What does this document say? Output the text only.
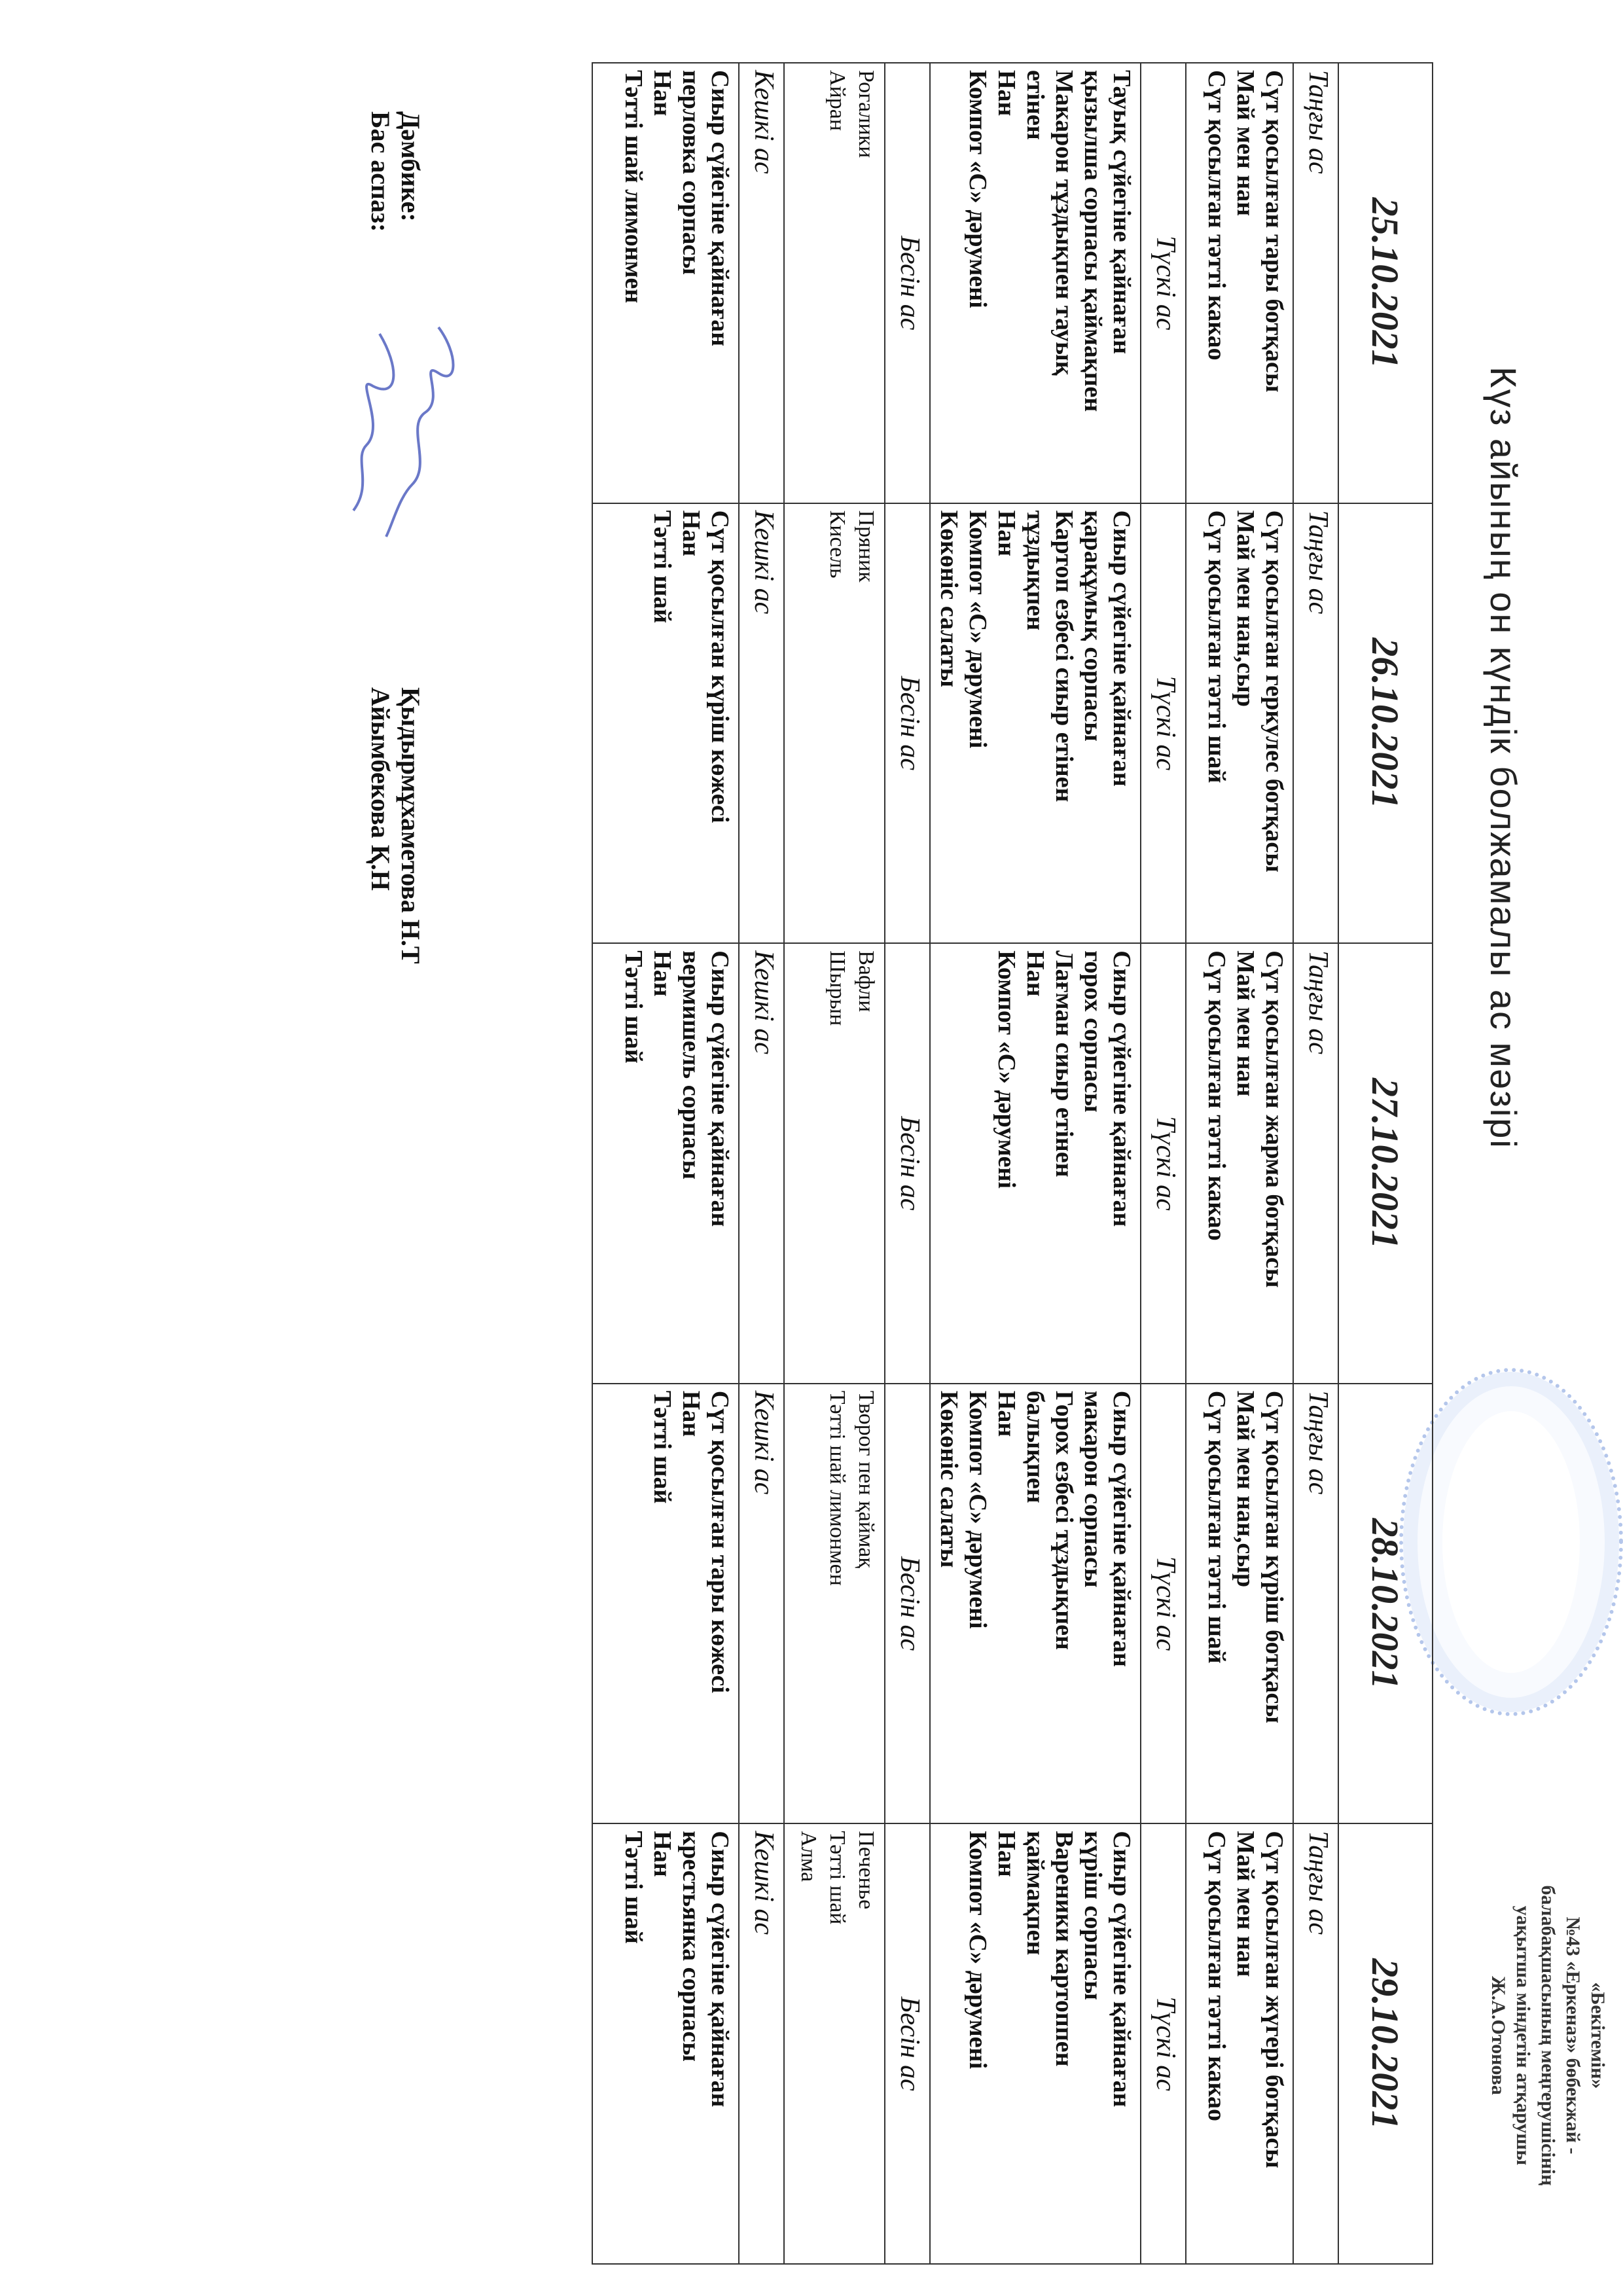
«Бекітемін»
№43 «Еркеназ» бөбекжай -
балабақшасының меңгерушісінің
уақытша міндетін атқарушы
Ж.А.Отонова
Күз айының он күндік болжамалы ас мәзірі
25.10.2021	26.10.2021	27.10.2021	28.10.2021	29.10.2021
Таңғы ас	Таңғы ас	Таңғы ас	Таңғы ас	Таңғы ас

Сүт қосылған тары ботқасы
Май мен нан
Сүт қосылған тәтті какао

Сүт қосылған геркулес ботқасы
Май мен нан,сыр
Сүт қосылған тәтті шай

Сүт қосылған жарма ботқасы
Май мен нан
Сүт қосылған тәтті какао

Сүт қосылған күріш ботқасы
Май мен нан,сыр
Сүт қосылған тәтті шай

Сүт қосылған жүгері ботқасы
Май мен нан
Сүт қосылған тәтті какао

Түскі ас	Түскі ас	Түскі ас	Түскі ас	Түскі ас

Тауық сүйегіне қайнаған
қызылша сорпасы қаймақпен
Макарон тұздықпен тауық
етінен
Нан
Компот «С» дәрумені

Сиыр сүйегіне қайнаған
қарақұмық сорпасы
Картоп езбесі сиыр етінен
тұздықпен
Нан
Компот «С» дәрумені
Көкөніс салаты

Сиыр сүйегіне қайнаған
горох сорпасы
Лағман сиыр етінен
Нан
Компот «С» дәрумені

Сиыр сүйегіне қайнаған
макарон сорпасы
Горох езбесі тұздықпен
балықпен
Нан
Компот «С» дәрумені
Көкөніс салаты

Сиыр сүйегіне қайнаған
күріш сорпасы
Вареники картоппен
қаймақпен
Нан
Компот «С» дәрумені

Бесін ас	Бесін ас	Бесін ас	Бесін ас	Бесін ас

Рогалики
Айран

Пряник
Кисель

Вафли
Шырын

Творог пен қаймақ
Тәтті шай лимонмен

Печенье
Тәтті шай
Алма

Кешкі ас	Кешкі ас	Кешкі ас	Кешкі ас	Кешкі ас

Сиыр сүйегіне қайнаған
перловка сорпасы
Нан
Тәтті шай лимонмен

Сүт қосылған күріш көжесі
Нан
Тәтті шай

Сиыр сүйегіне қайнаған
вермишель сорпасы
Нан
Тәтті шай

Сүт қосылған тары көжесі
Нан
Тәтті шай

Сиыр сүйегіне қайнаған
крестьянка сорпасы
Нан
Тәтті шай
Дәмбике:
Қыдырмұхаметова Н.Т
Бас аспаз:
Айымбекова Қ.Н
